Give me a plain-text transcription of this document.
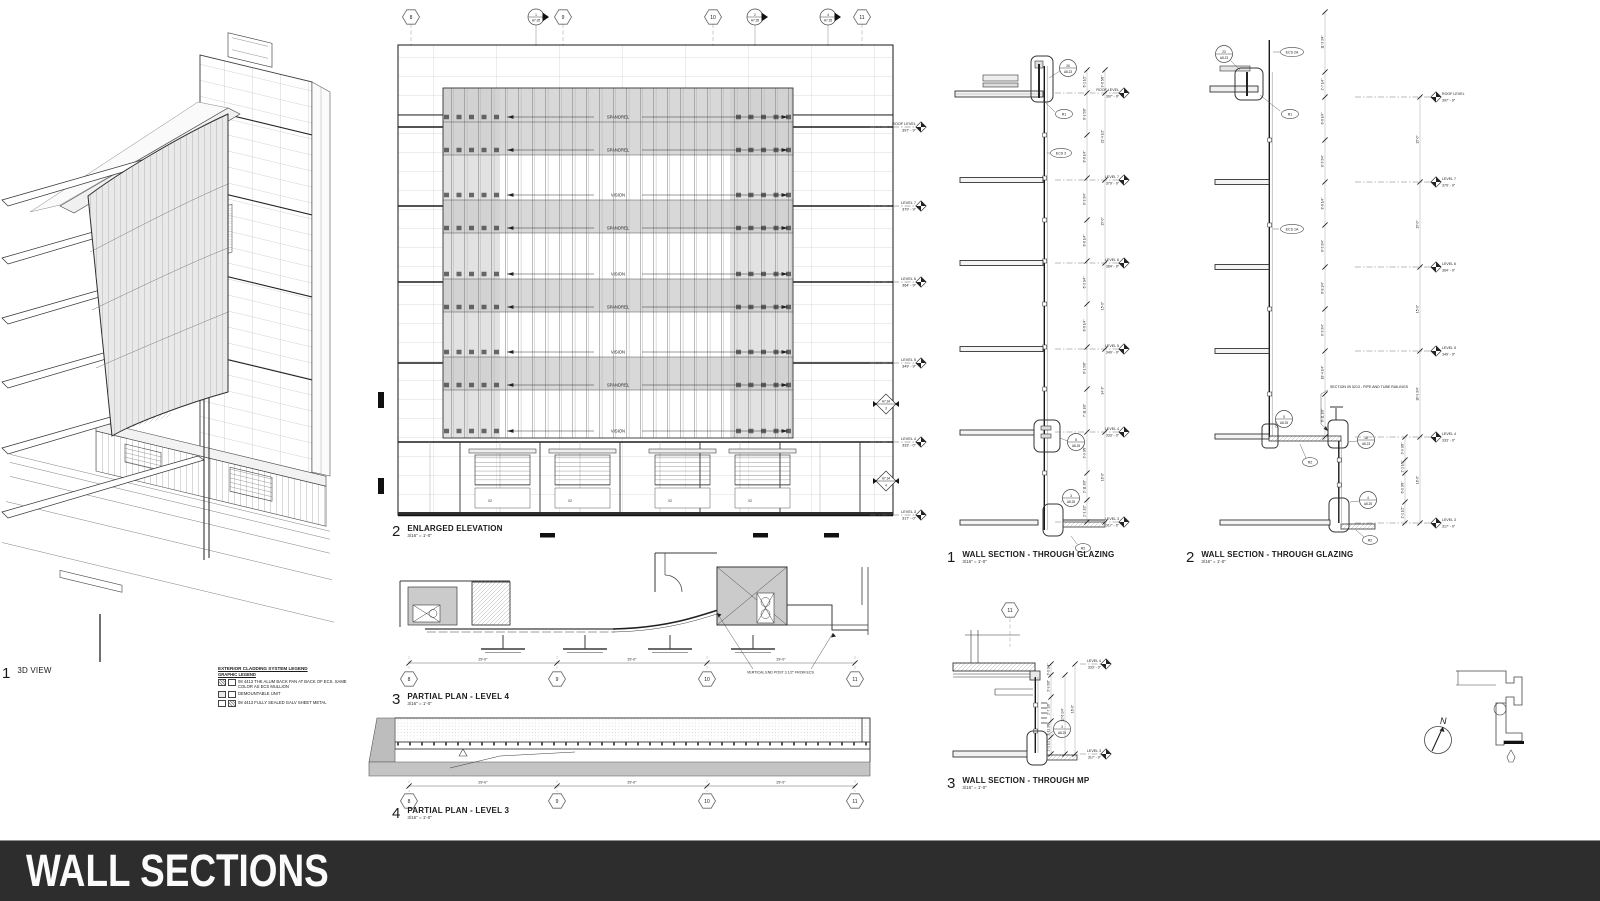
EXTERIOR CLADDING SYSTEM LEGEND
GRAPHIC LEGEND
08 4413 THK ALUM BACK PAN AT BACK OF ECS. SAME COLOR AS ECS MULLION
DEMOUNTABLE UNIT
08 4413 FULLY SEALED GALV SHEET METAL
1 3D VIEW
8	9	10	11
1
A7.35
2
A7.35
4
A7.35
SPANDREL
SPANDREL
VISION
SPANDREL
VISION
SPANDREL
VISION
SPANDREL
VISION
V2	V2	V2	V2
ROOF LEVEL
397' - 9"
LEVEL 7
379' - 9"
LEVEL 6
364' - 9"
LEVEL 5
349' - 9"
LEVEL 4
333' - 0"
LEVEL 3
317' - 0"
A7.34
3
A7.34
4
2 ENLARGED ELEVATION
3/16" = 1'-0"
29'-0"	29'-0"	29'-0"
8	9	10	11
VERTICAL END POST 3 1/2" FROM ECS
3 PARTIAL PLAN - LEVEL 4
3/16" = 1'-0"
29'-0"	29'-0"	29'-0"
8	9	10	11
4 PARTIAL PLAN - LEVEL 3
3/16" = 1'-0"
26
A8.23
R1
ECS 3
8
A8.25
3
A8.25
R2
6'-1 1/2"
8'-1 5/8"
8'-8 1/4"
6'-3 3/4"
8'-8 1/4"
6'-3 3/4"
8'-8 1/4"
8'-1 5/8"
7'-11 1/8"
3'-9 3/8"
2'-11 3/8"
2'-1 1/2"
9'-8 5/8"
21'-4 1/2"
15'-0"
15'-0"
14'-3"
16'-0"
ROOF LEVEL
397' - 9"
LEVEL 7
379' - 9"
LEVEL 6
364' - 9"
LEVEL 5
349' - 9"
LEVEL 4
333' - 0"
LEVEL 3
317' - 0"
1 WALL SECTION - THROUGH GLAZING
3/16" = 1'-0"
23
A8.23
ECS 2A
R1
ECS 1A
SECTION 05 5213 - PIPE AND TUBE RAILINGS
5
A8.25
18
A8.23
R2
4
A8.25
R2
11'-3 3/4"
2'-7 1/4"
8'-8 1/4"
6'-3 3/4"
8'-8 1/4"
6'-3 3/4"
8'-8 1/4"
6'-3 3/4"
18'-4 1/4"
8'-11 1/8"
3'-9 3/8"
2'-1 1/8"
6'-0 3/8"
2'-1 1/2"
15'-0"
15'-0"
15'-0"
16'-9 3/4"
16'-0"
ROOF LEVEL
397' - 9"
LEVEL 7
379' - 9"
LEVEL 6
364' - 9"
LEVEL 5
349' - 9"
LEVEL 4
333' - 0"
LEVEL 3
317' - 0"
2 WALL SECTION - THROUGH GLAZING
3/16" = 1'-0"
11
3
A8.25
3'-0 3/4"
3'-9 3/8"
2'-7 1/8"
2'-11 3/8"
2'-1 1/2"
12'-6 1/4" 16'-0"
LEVEL 4
333' - 0"
LEVEL 3
317' - 0"
3 WALL SECTION - THROUGH MP
3/16" = 1'-0"
N
WALL SECTIONS
